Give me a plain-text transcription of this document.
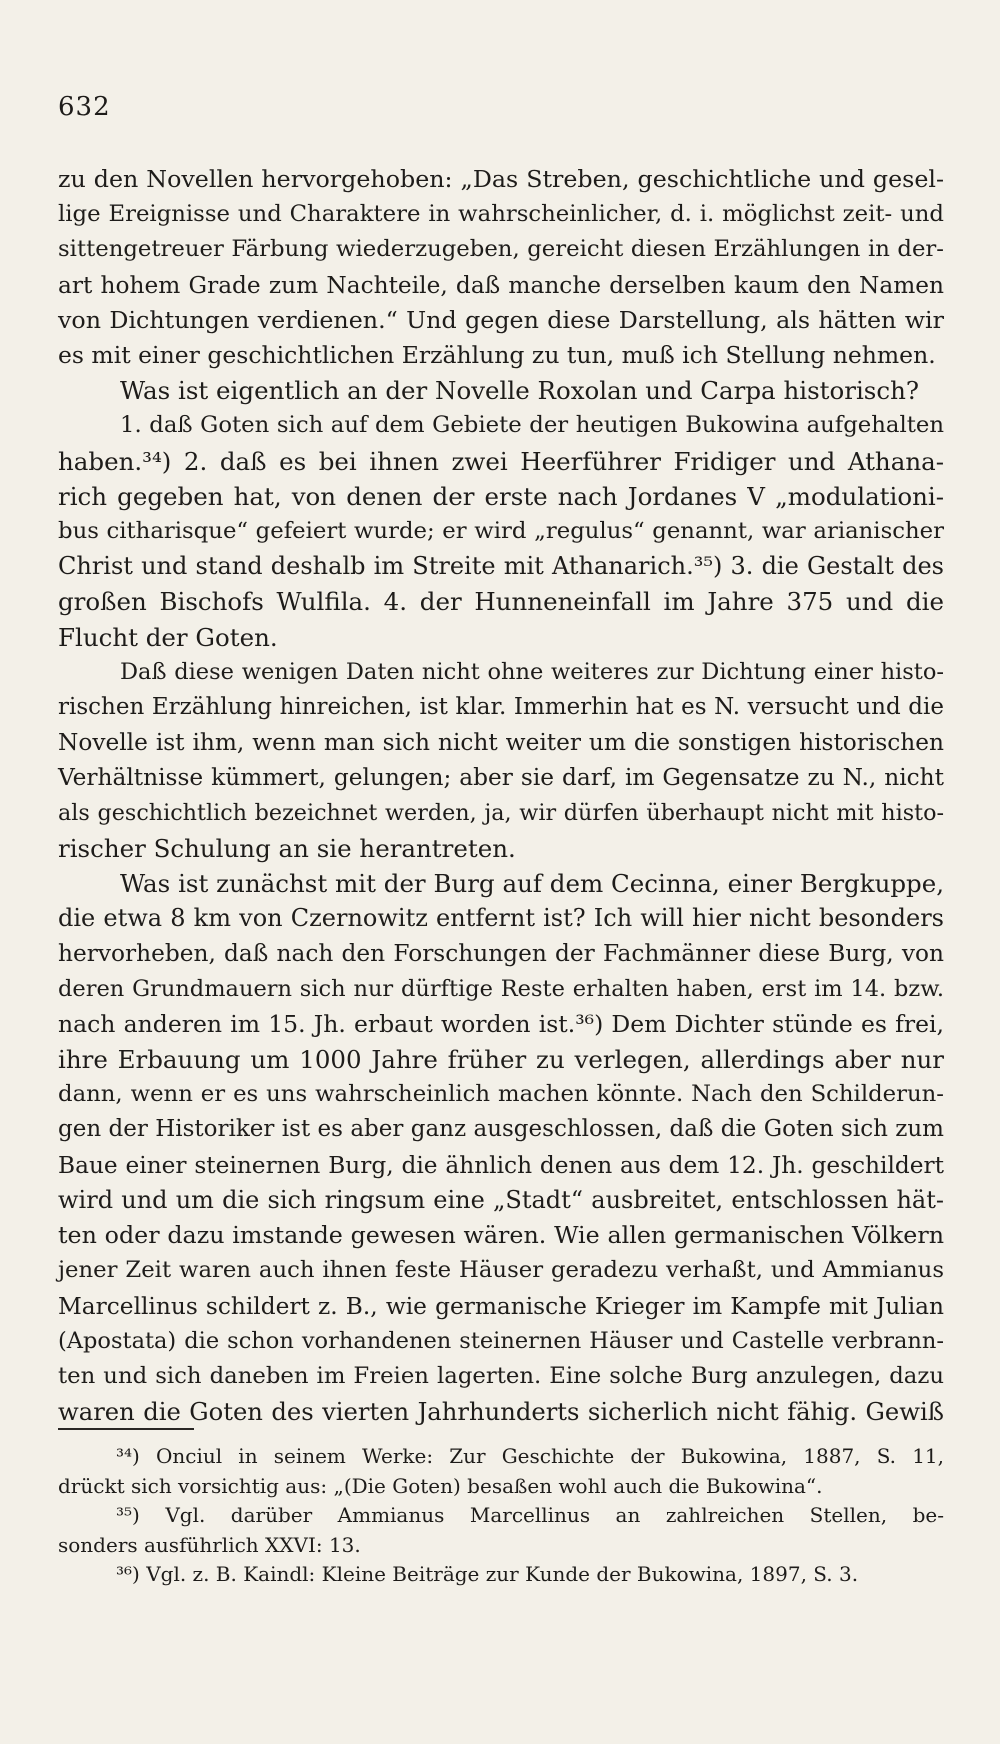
632
zu den Novellen hervorgehoben: „Das Streben, geschichtliche und gesel-
lige Ereignisse und Charaktere in wahrscheinlicher, d. i. möglichst zeit- und
sittengetreuer Färbung wiederzugeben, gereicht diesen Erzählungen in der-
art hohem Grade zum Nachteile, daß manche derselben kaum den Namen
von Dichtungen verdienen.“ Und gegen diese Darstellung, als hätten wir
es mit einer geschichtlichen Erzählung zu tun, muß ich Stellung nehmen.
Was ist eigentlich an der Novelle Roxolan und Carpa historisch?
1. daß Goten sich auf dem Gebiete der heutigen Bukowina aufgehalten
haben.³⁴) 2. daß es bei ihnen zwei Heerführer Fridiger und Athana-
rich gegeben hat, von denen der erste nach Jordanes V „modulationi-
bus citharisque“ gefeiert wurde; er wird „regulus“ genannt, war arianischer
Christ und stand deshalb im Streite mit Athanarich.³⁵) 3. die Gestalt des
großen Bischofs Wulfila. 4. der Hunneneinfall im Jahre 375 und die
Flucht der Goten.
Daß diese wenigen Daten nicht ohne weiteres zur Dichtung einer histo-
rischen Erzählung hinreichen, ist klar. Immerhin hat es N. versucht und die
Novelle ist ihm, wenn man sich nicht weiter um die sonstigen historischen
Verhältnisse kümmert, gelungen; aber sie darf, im Gegensatze zu N., nicht
als geschichtlich bezeichnet werden, ja, wir dürfen überhaupt nicht mit histo-
rischer Schulung an sie herantreten.
Was ist zunächst mit der Burg auf dem Cecinna, einer Bergkuppe,
die etwa 8 km von Czernowitz entfernt ist? Ich will hier nicht besonders
hervorheben, daß nach den Forschungen der Fachmänner diese Burg, von
deren Grundmauern sich nur dürftige Reste erhalten haben, erst im 14. bzw.
nach anderen im 15. Jh. erbaut worden ist.³⁶) Dem Dichter stünde es frei,
ihre Erbauung um 1000 Jahre früher zu verlegen, allerdings aber nur
dann, wenn er es uns wahrscheinlich machen könnte. Nach den Schilderun-
gen der Historiker ist es aber ganz ausgeschlossen, daß die Goten sich zum
Baue einer steinernen Burg, die ähnlich denen aus dem 12. Jh. geschildert
wird und um die sich ringsum eine „Stadt“ ausbreitet, entschlossen hät-
ten oder dazu imstande gewesen wären. Wie allen germanischen Völkern
jener Zeit waren auch ihnen feste Häuser geradezu verhaßt, und Ammianus
Marcellinus schildert z. B., wie germanische Krieger im Kampfe mit Julian
(Apostata) die schon vorhandenen steinernen Häuser und Castelle verbrann-
ten und sich daneben im Freien lagerten. Eine solche Burg anzulegen, dazu
waren die Goten des vierten Jahrhunderts sicherlich nicht fähig. Gewiß
³⁴) Onciul in seinem Werke: Zur Geschichte der Bukowina, 1887, S. 11,
drückt sich vorsichtig aus: „(Die Goten) besaßen wohl auch die Bukowina“.
³⁵) Vgl. darüber Ammianus Marcellinus an zahlreichen Stellen, be-
sonders ausführlich XXVI: 13.
³⁶) Vgl. z. B. Kaindl: Kleine Beiträge zur Kunde der Bukowina, 1897, S. 3.
